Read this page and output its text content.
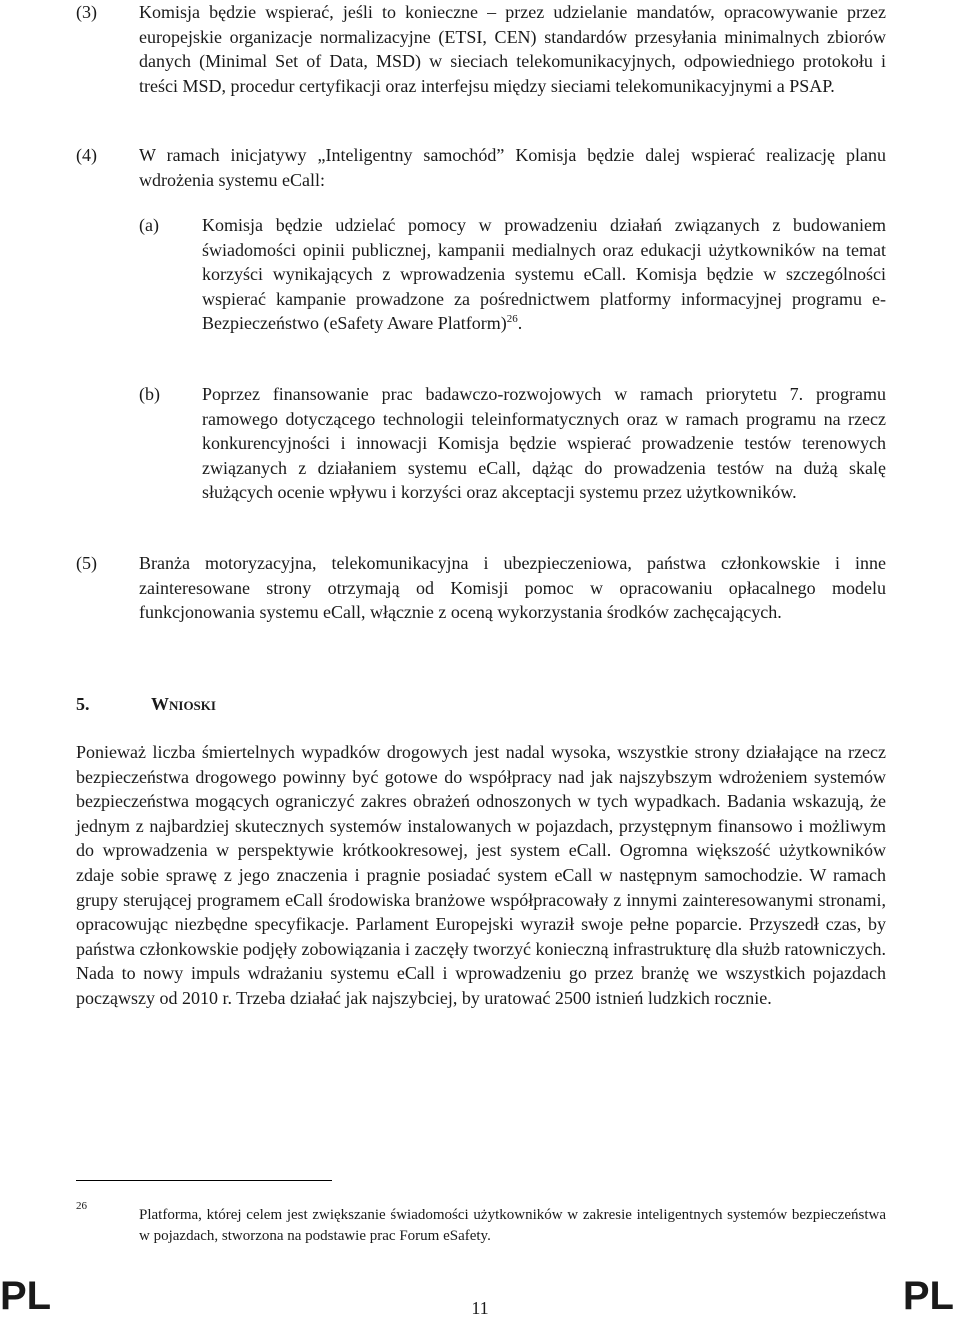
(3) Komisja będzie wspierać, jeśli to konieczne – przez udzielanie mandatów, opracowywanie przez europejskie organizacje normalizacyjne (ETSI, CEN) standardów przesyłania minimalnych zbiorów danych (Minimal Set of Data, MSD) w sieciach telekomunikacyjnych, odpowiedniego protokołu i treści MSD, procedur certyfikacji oraz interfejsu między sieciami telekomunikacyjnymi a PSAP.

(4) W ramach inicjatywy „Inteligentny samochód” Komisja będzie dalej wspierać realizację planu wdrożenia systemu eCall:

(a) Komisja będzie udzielać pomocy w prowadzeniu działań związanych z budowaniem świadomości opinii publicznej, kampanii medialnych oraz edukacji użytkowników na temat korzyści wynikających z wprowadzenia systemu eCall. Komisja będzie w szczególności wspierać kampanie prowadzone za pośrednictwem platformy informacyjnej programu e-Bezpieczeństwo (eSafety Aware Platform)$^{26}$.

(b) Poprzez finansowanie prac badawczo-rozwojowych w ramach priorytetu 7. programu ramowego dotyczącego technologii teleinformatycznych oraz w ramach programu na rzecz konkurencyjności i innowacji Komisja będzie wspierać prowadzenie testów terenowych związanych z działaniem systemu eCall, dążąc do prowadzenia testów na dużą skalę służących ocenie wpływu i korzyści oraz akceptacji systemu przez użytkowników.

(5) Branża motoryzacyjna, telekomunikacyjna i ubezpieczeniowa, państwa członkowskie i inne zainteresowane strony otrzymają od Komisji pomoc w opracowaniu opłacalnego modelu funkcjonowania systemu eCall, włącznie z oceną wykorzystania środków zachęcających.

5.	Wnioski

Ponieważ liczba śmiertelnych wypadków drogowych jest nadal wysoka, wszystkie strony działające na rzecz bezpieczeństwa drogowego powinny być gotowe do współpracy nad jak najszybszym wdrożeniem systemów bezpieczeństwa mogących ograniczyć zakres obrażeń odnoszonych w tych wypadkach. Badania wskazują, że jednym z najbardziej skutecznych systemów instalowanych w pojazdach, przystępnym finansowo i możliwym do wprowadzenia w perspektywie krótkookresowej, jest system eCall. Ogromna większość użytkowników zdaje sobie sprawę z jego znaczenia i pragnie posiadać system eCall w następnym samochodzie. W ramach grupy sterującej programem eCall środowiska branżowe współpracowały z innymi zainteresowanymi stronami, opracowując niezbędne specyfikacje. Parlament Europejski wyraził swoje pełne poparcie. Przyszedł czas, by państwa członkowskie podjęły zobowiązania i zaczęły tworzyć konieczną infrastrukturę dla służb ratowniczych. Nada to nowy impuls wdrażaniu systemu eCall i wprowadzeniu go przez branżę we wszystkich pojazdach począwszy od 2010 r. Trzeba działać jak najszybciej, by uratować 2500 istnień ludzkich rocznie.

26

Platforma, której celem jest zwiększanie świadomości użytkowników w zakresie inteligentnych systemów bezpieczeństwa w pojazdach, stworzona na podstawie prac Forum eSafety.

PL	11	PL
